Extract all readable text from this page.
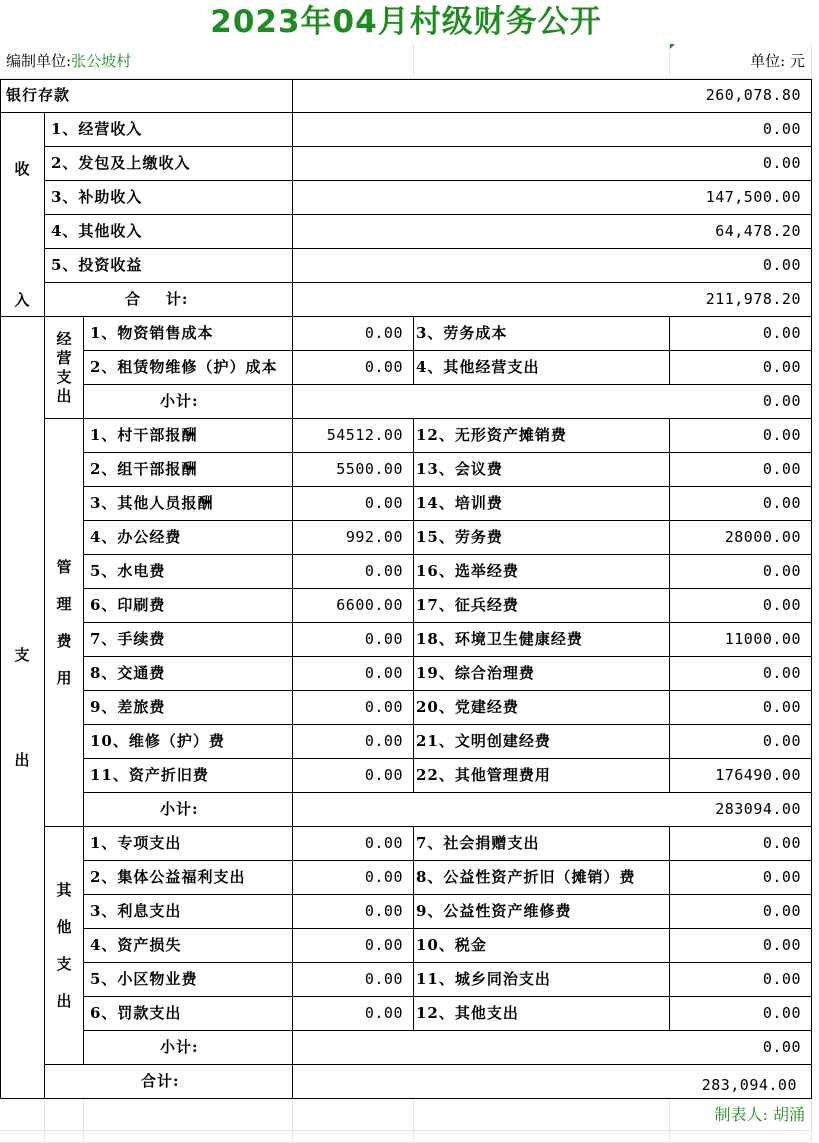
2023年04月村级财务公开
编制单位: 张公坡村	单位: 元
银行存款	260,078.80
收
入
1、经营收入	0.00
2、发包及上缴收入	0.00
3、补助收入	147,500.00
4、其他收入	64,478.20
5、投资收益	0.00
合    计:	211,978.20
经
营
支
出
1、物资销售成本	0.00 3、劳务成本	0.00
2、租赁物维修（护）成本	0.00 4、其他经营支出	0.00
小计:	0.00
管
理
费
用
1、村干部报酬	54512.00 12、无形资产摊销费	0.00
2、组干部报酬	5500.00 13、会议费	0.00
3、其他人员报酬	0.00 14、培训费	0.00
4、办公经费	992.00 15、劳务费	28000.00
5、水电费	0.00 16、选举经费	0.00
6、印刷费	6600.00 17、征兵经费	0.00
7、手续费	0.00 18、环境卫生健康经费	11000.00
8、交通费	0.00 19、综合治理费	0.00
9、差旅费	0.00 20、党建经费	0.00
10、维修（护）费	0.00 21、文明创建经费	0.00
11、资产折旧费	0.00 22、其他管理费用	176490.00
小计:	283094.00
其
他
支
出
1、专项支出	0.00 7、社会捐赠支出	0.00
2、集体公益福利支出	0.00 8、公益性资产折旧（摊销）费	0.00
3、利息支出	0.00 9、公益性资产维修费	0.00
4、资产损失	0.00 10、税金	0.00
5、小区物业费	0.00 11、城乡同治支出	0.00
6、罚款支出	0.00 12、其他支出	0.00
小计:	0.00
合计:	283,094.00
支
出
制表人: 胡涌
